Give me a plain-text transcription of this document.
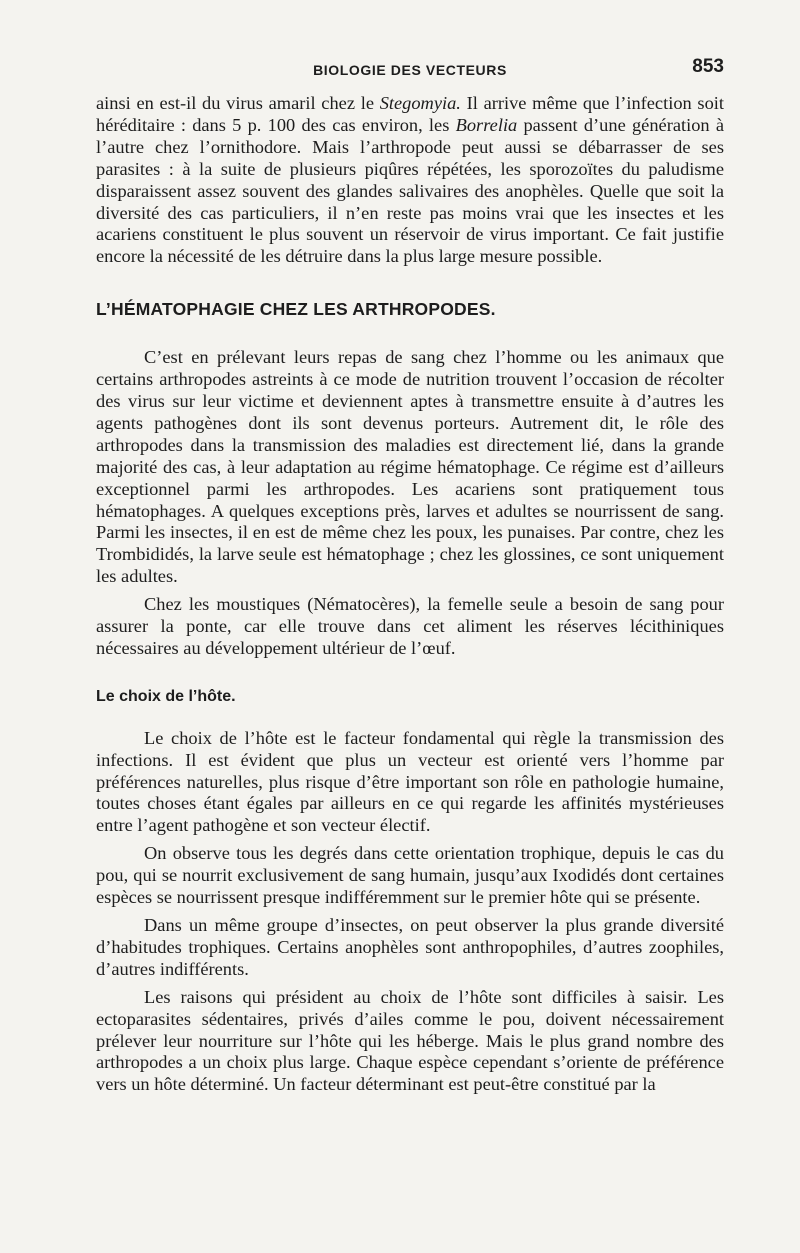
BIOLOGIE DES VECTEURS	853

ainsi en est-il du virus amaril chez le Stegomyia. Il arrive même que l’infection soit héréditaire : dans 5 p. 100 des cas environ, les Borrelia passent d’une génération à l’autre chez l’ornithodore. Mais l’arthropode peut aussi se débarrasser de ses parasites : à la suite de plusieurs piqûres répétées, les sporozoïtes du paludisme disparaissent assez souvent des glandes salivaires des anophèles. Quelle que soit la diversité des cas particuliers, il n’en reste pas moins vrai que les insectes et les acariens constituent le plus souvent un réservoir de virus important. Ce fait justifie encore la nécessité de les détruire dans la plus large mesure possible.

L’HÉMATOPHAGIE CHEZ LES ARTHROPODES.

C’est en prélevant leurs repas de sang chez l’homme ou les animaux que certains arthropodes astreints à ce mode de nutrition trouvent l’occasion de récolter des virus sur leur victime et deviennent aptes à transmettre ensuite à d’autres les agents pathogènes dont ils sont devenus porteurs. Autrement dit, le rôle des arthropodes dans la transmission des maladies est directement lié, dans la grande majorité des cas, à leur adaptation au régime hématophage. Ce régime est d’ailleurs exceptionnel parmi les arthropodes. Les acariens sont pratiquement tous hématophages. A quelques exceptions près, larves et adultes se nourrissent de sang. Parmi les insectes, il en est de même chez les poux, les punaises. Par contre, chez les Trombididés, la larve seule est hématophage ; chez les glossines, ce sont uniquement les adultes.

Chez les moustiques (Nématocères), la femelle seule a besoin de sang pour assurer la ponte, car elle trouve dans cet aliment les réserves lécithiniques nécessaires au développement ultérieur de l’œuf.

Le choix de l’hôte.

Le choix de l’hôte est le facteur fondamental qui règle la transmission des infections. Il est évident que plus un vecteur est orienté vers l’homme par préférences naturelles, plus risque d’être important son rôle en pathologie humaine, toutes choses étant égales par ailleurs en ce qui regarde les affinités mystérieuses entre l’agent pathogène et son vecteur électif.

On observe tous les degrés dans cette orientation trophique, depuis le cas du pou, qui se nourrit exclusivement de sang humain, jusqu’aux Ixodidés dont certaines espèces se nourrissent presque indifféremment sur le premier hôte qui se présente.

Dans un même groupe d’insectes, on peut observer la plus grande diversité d’habitudes trophiques. Certains anophèles sont anthropophiles, d’autres zoophiles, d’autres indifférents.

Les raisons qui président au choix de l’hôte sont difficiles à saisir. Les ectoparasites sédentaires, privés d’ailes comme le pou, doivent nécessairement prélever leur nourriture sur l’hôte qui les héberge. Mais le plus grand nombre des arthropodes a un choix plus large. Chaque espèce cependant s’oriente de préférence vers un hôte déterminé. Un facteur déterminant est peut-être constitué par la
